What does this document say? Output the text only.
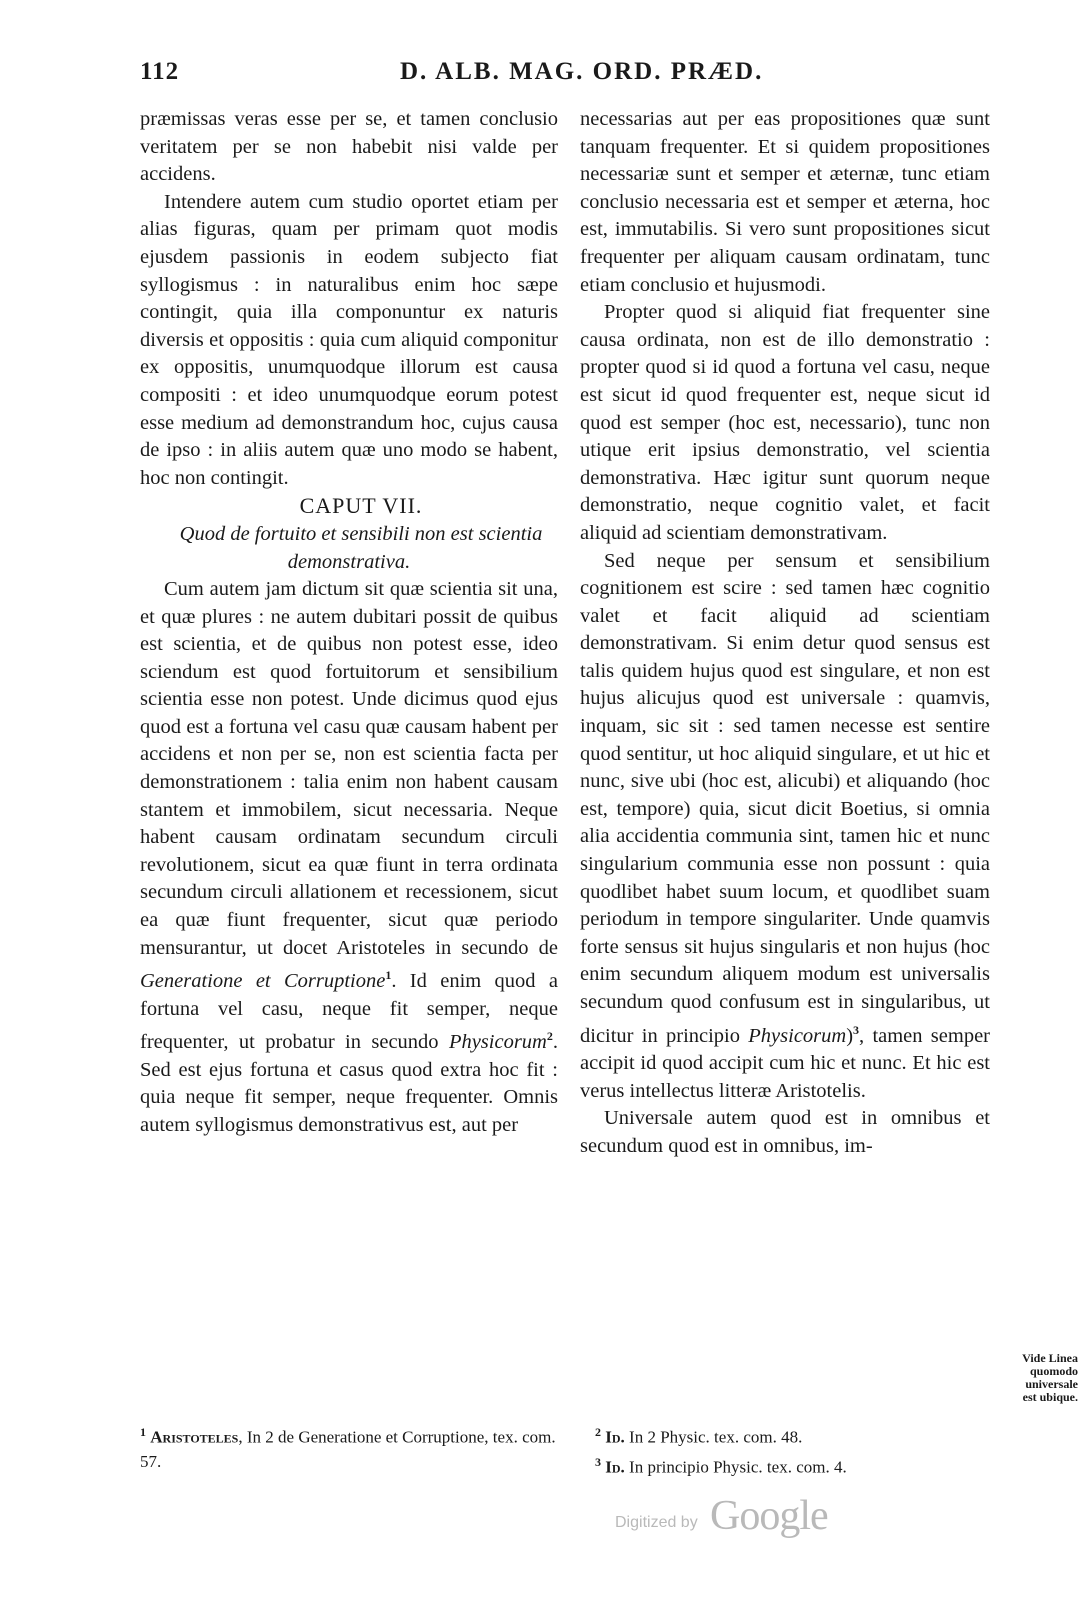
112	D. ALB. MAG. ORD. PRÆD.

præmissas veras esse per se, et tamen conclusio veritatem per se non habebit nisi valde per accidens.

Intendere autem cum studio oportet etiam per alias figuras, quam per primam quot modis ejusdem passionis in eodem subjecto fiat syllogismus : in naturalibus enim hoc sæpe contingit, quia illa componuntur ex naturis diversis et oppositis : quia cum aliquid componitur ex oppositis, unumquodque illorum est causa compositi : et ideo unumquodque eorum potest esse medium ad demonstrandum hoc, cujus causa de ipso : in aliis autem quæ uno modo se habent, hoc non contingit.

CAPUT VII.

Quod de fortuito et sensibili non est scientia demonstrativa.

Cum autem jam dictum sit quæ scientia sit una, et quæ plures : ne autem dubitari possit de quibus est scientia, et de quibus non potest esse, ideo sciendum est quod fortuitorum et sensibilium scientia esse non potest. Unde dicimus quod ejus quod est a fortuna vel casu quæ causam habent per accidens et non per se, non est scientia facta per demonstrationem : talia enim non habent causam stantem et immobilem, sicut necessaria. Neque habent causam ordinatam secundum circuli revolutionem, sicut ea quæ fiunt in terra ordinata secundum circuli allationem et recessionem, sicut ea quæ fiunt frequenter, sicut quæ periodo mensurantur, ut docet Aristoteles in secundo de Generatione et Corruptione$^1$. Id enim quod a fortuna vel casu, neque fit semper, neque frequenter, ut probatur in secundo Physicorum$^2$. Sed est ejus fortuna et casus quod extra hoc fit : quia neque fit semper, neque frequenter. Omnis autem syllogismus demonstrativus est, aut per

necessarias aut per eas propositiones quæ sunt tanquam frequenter. Et si quidem propositiones necessariæ sunt et semper et æternæ, tunc etiam conclusio necessaria est et semper et æterna, hoc est, immutabilis. Si vero sunt propositiones sicut frequenter per aliquam causam ordinatam, tunc etiam conclusio et hujusmodi.

Propter quod si aliquid fiat frequenter sine causa ordinata, non est de illo demonstratio : propter quod si id quod a fortuna vel casu, neque est sicut id quod frequenter est, neque sicut id quod est semper (hoc est, necessario), tunc non utique erit ipsius demonstratio, vel scientia demonstrativa. Hæc igitur sunt quorum neque demonstratio, neque cognitio valet, et facit aliquid ad scientiam demonstrativam.

Sed neque per sensum et sensibilium cognitionem est scire : sed tamen hæc cognitio valet et facit aliquid ad scientiam demonstrativam. Si enim detur quod sensus est talis quidem hujus quod est singulare, et non est hujus alicujus quod est universale : quamvis, inquam, sic sit : sed tamen necesse est sentire quod sentitur, ut hoc aliquid singulare, et ut hic et nunc, sive ubi (hoc est, alicubi) et aliquando (hoc est, tempore) quia, sicut dicit Boetius, si omnia alia accidentia communia sint, tamen hic et nunc singularium communia esse non possunt : quia quodlibet habet suum locum, et quodlibet suam periodum in tempore singulariter. Unde quamvis forte sensus sit hujus singularis et non hujus (hoc enim secundum aliquem modum est universalis secundum quod confusum est in singularibus, ut dicitur in principio Physicorum)$^3$, tamen semper accipit id quod accipit cum hic et nunc. Et hic est verus intellectus litteræ Aristotelis.

Universale autem quod est in omnibus et secundum quod est in omnibus, im-

Vide Linea
quomodo
universale
est ubique.

$^1$ Aristoteles, In 2 de Generatione et Corruptione, tex. com. 57.

$^2$ Id. In 2 Physic. tex. com. 48.

$^3$ Id. In principio Physic. tex. com. 4.

Digitized by Google
